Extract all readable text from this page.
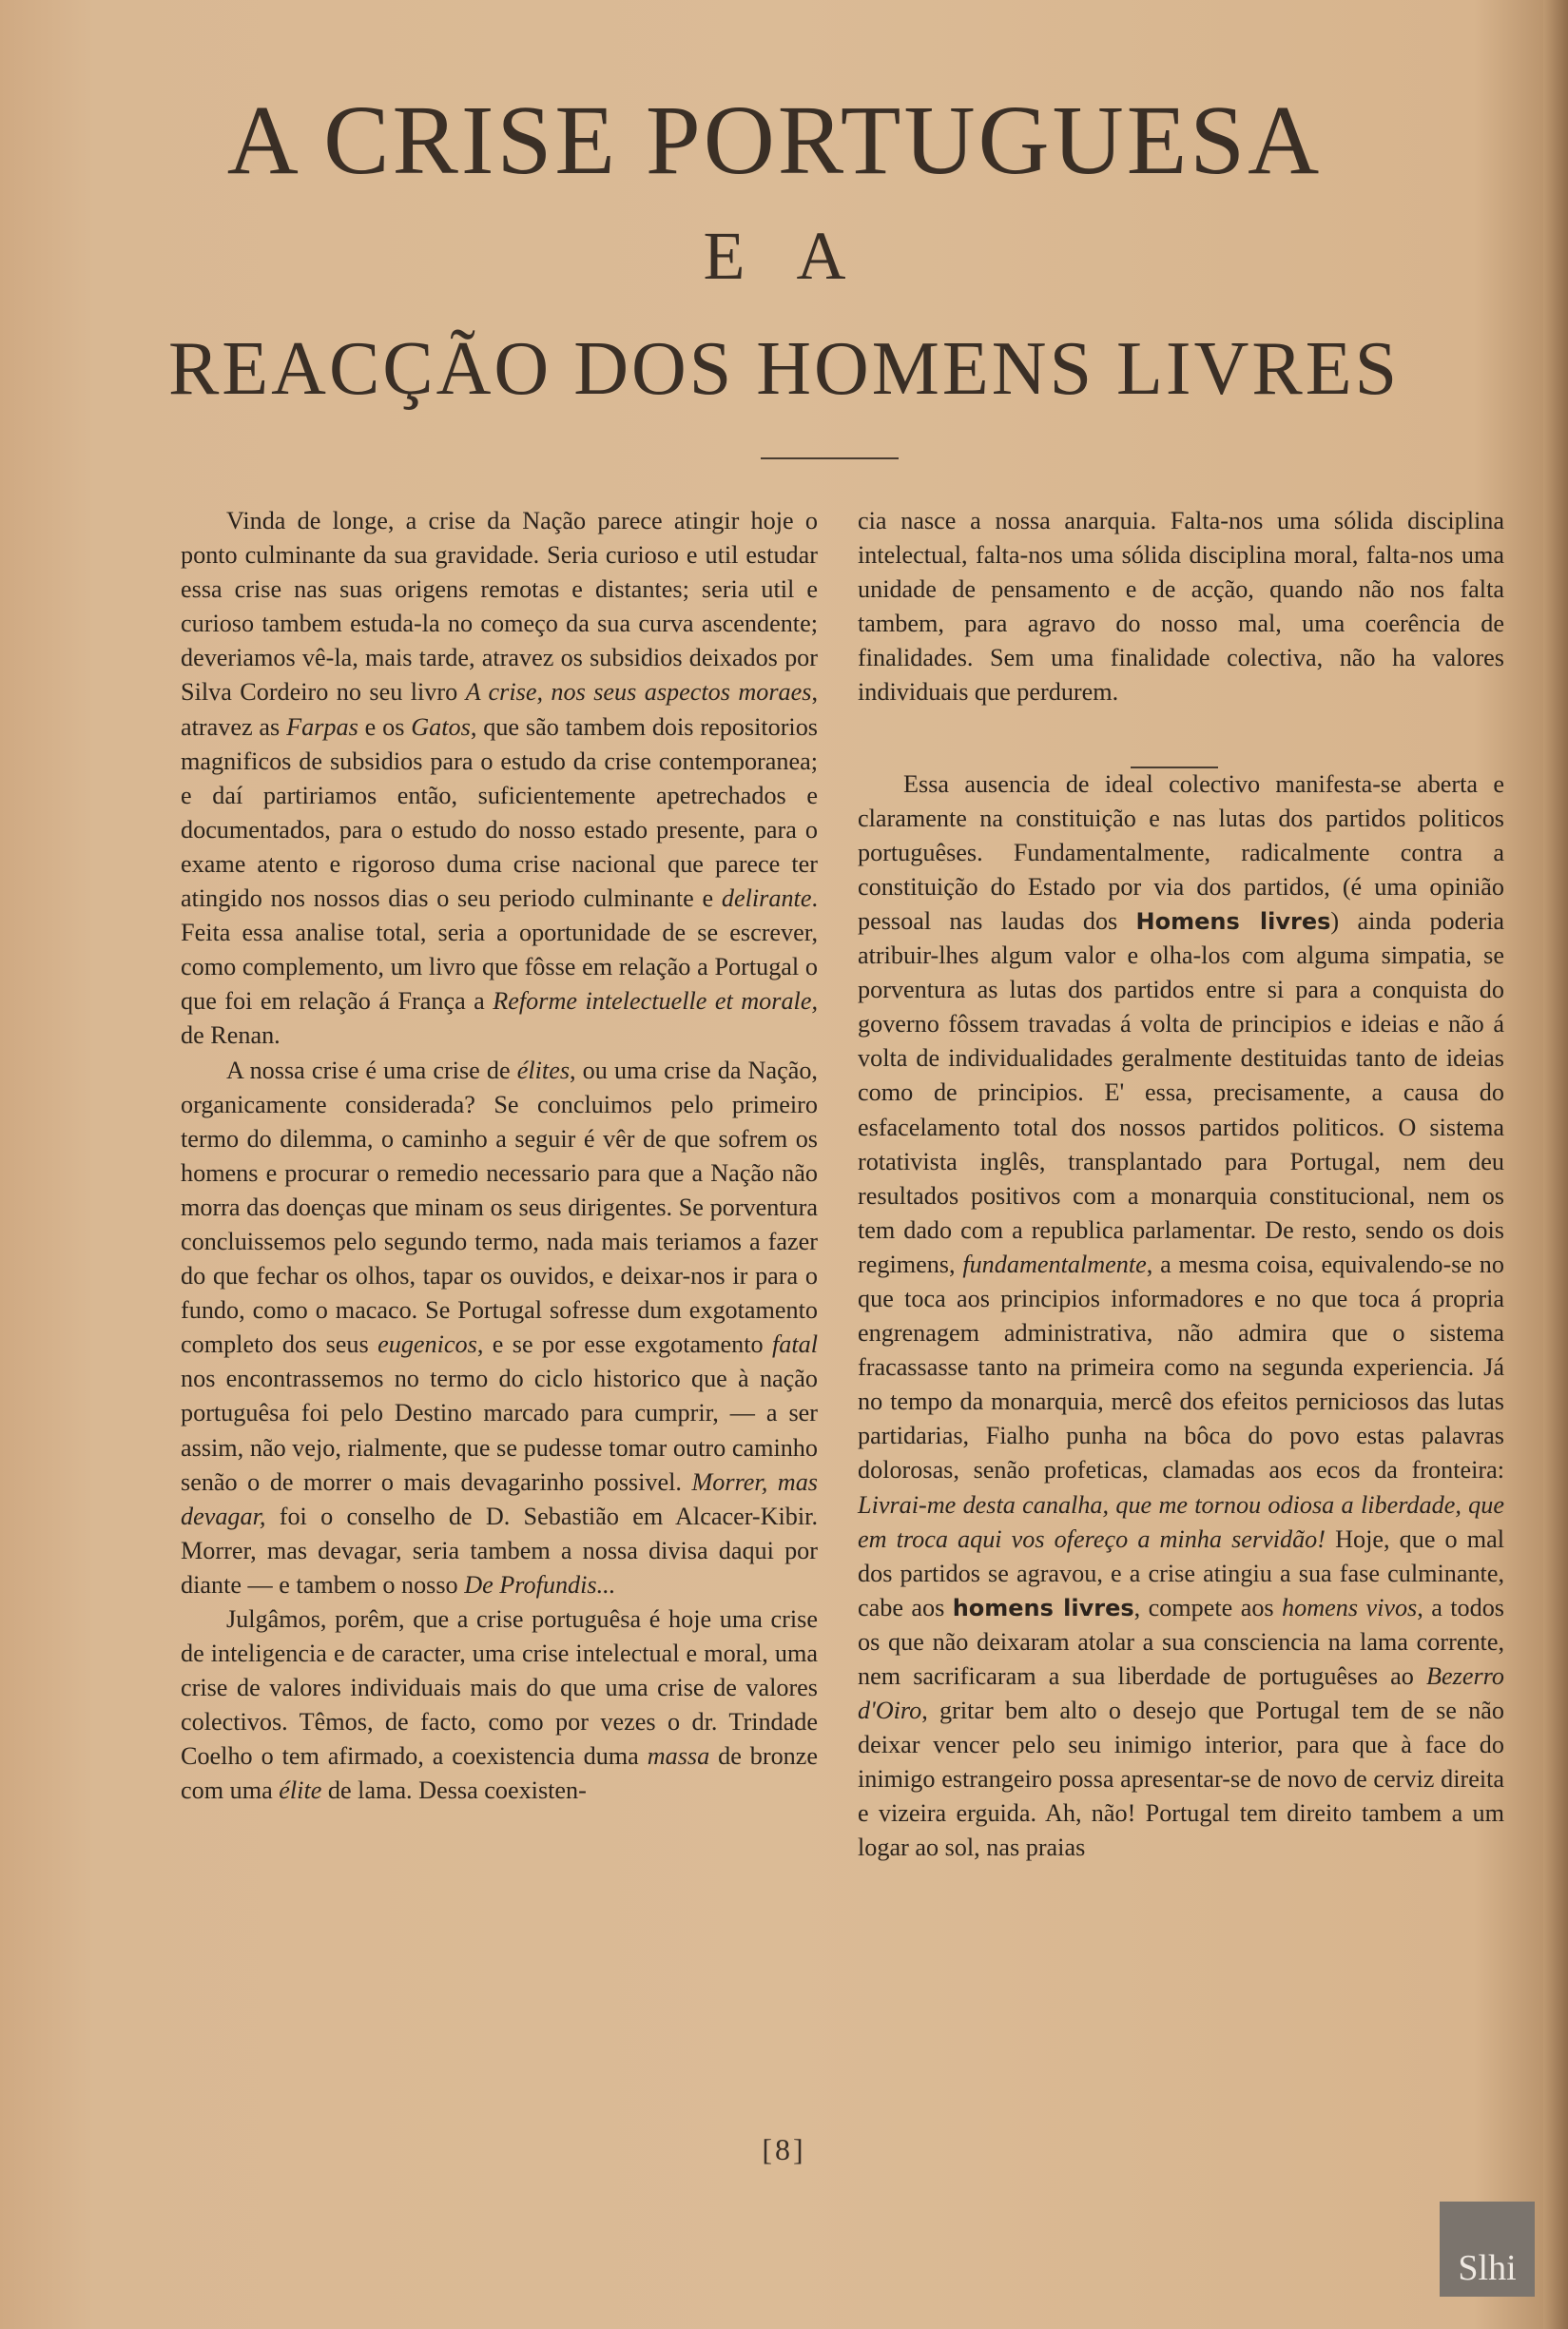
A CRISE PORTUGUESA
E A
REACÇÃO DOS HOMENS LIVRES

Vinda de longe, a crise da Nação parece atingir hoje o ponto culminante da sua gravidade. Seria curioso e util estudar essa crise nas suas origens remotas e distantes; seria util e curioso tambem estuda-la no começo da sua curva ascendente; deveriamos vê-la, mais tarde, atravez os subsidios deixados por Silva Cordeiro no seu livro A crise, nos seus aspectos moraes, atravez as Farpas e os Gatos, que são tambem dois repositorios magnificos de subsidios para o estudo da crise contemporanea; e daí partiriamos então, suficientemente apetrechados e documentados, para o estudo do nosso estado presente, para o exame atento e rigoroso duma crise nacional que parece ter atingido nos nossos dias o seu periodo culminante e delirante. Feita essa analise total, seria a oportunidade de se escrever, como complemento, um livro que fôsse em relação a Portugal o que foi em relação á França a Reforme intelectuelle et morale, de Renan.

A nossa crise é uma crise de élites, ou uma crise da Nação, organicamente considerada? Se concluimos pelo primeiro termo do dilemma, o caminho a seguir é vêr de que sofrem os homens e procurar o remedio necessario para que a Nação não morra das doenças que minam os seus dirigentes. Se porventura concluissemos pelo segundo termo, nada mais teriamos a fazer do que fechar os olhos, tapar os ouvidos, e deixar-nos ir para o fundo, como o macaco. Se Portugal sofresse dum exgotamento completo dos seus eugenicos, e se por esse exgotamento fatal nos encontrassemos no termo do ciclo historico que à nação portuguêsa foi pelo Destino marcado para cumprir, — a ser assim, não vejo, rialmente, que se pudesse tomar outro caminho senão o de morrer o mais devagarinho possivel. Morrer, mas devagar, foi o conselho de D. Sebastião em Alcacer-Kibir. Morrer, mas devagar, seria tambem a nossa divisa daqui por diante — e tambem o nosso De Profundis...

Julgâmos, porêm, que a crise portuguêsa é hoje uma crise de inteligencia e de caracter, uma crise intelectual e moral, uma crise de valores individuais mais do que uma crise de valores colectivos. Têmos, de facto, como por vezes o dr. Trindade Coelho o tem afirmado, a coexistencia duma massa de bronze com uma élite de lama. Dessa coexisten-

cia nasce a nossa anarquia. Falta-nos uma sólida disciplina intelectual, falta-nos uma sólida disciplina moral, falta-nos uma unidade de pensamento e de acção, quando não nos falta tambem, para agravo do nosso mal, uma coerência de finalidades. Sem uma finalidade colectiva, não ha valores individuais que perdurem.

Essa ausencia de ideal colectivo manifesta-se aberta e claramente na constituição e nas lutas dos partidos politicos portuguêses. Fundamentalmente, radicalmente contra a constituição do Estado por via dos partidos, (é uma opinião pessoal nas laudas dos Homens livres) ainda poderia atribuir-lhes algum valor e olha-los com alguma simpatia, se porventura as lutas dos partidos entre si para a conquista do governo fôssem travadas á volta de principios e ideias e não á volta de individualidades geralmente destituidas tanto de ideias como de principios. E' essa, precisamente, a causa do esfacelamento total dos nossos partidos politicos. O sistema rotativista inglês, transplantado para Portugal, nem deu resultados positivos com a monarquia constitucional, nem os tem dado com a republica parlamentar. De resto, sendo os dois regimens, fundamentalmente, a mesma coisa, equivalendo-se no que toca aos principios informadores e no que toca á propria engrenagem administrativa, não admira que o sistema fracassasse tanto na primeira como na segunda experiencia. Já no tempo da monarquia, mercê dos efeitos perniciosos das lutas partidarias, Fialho punha na bôca do povo estas palavras dolorosas, senão profeticas, clamadas aos ecos da fronteira: Livrai-me desta canalha, que me tornou odiosa a liberdade, que em troca aqui vos ofereço a minha servidão! Hoje, que o mal dos partidos se agravou, e a crise atingiu a sua fase culminante, cabe aos homens livres, compete aos homens vivos, a todos os que não deixaram atolar a sua consciencia na lama corrente, nem sacrificaram a sua liberdade de portuguêses ao Bezerro d'Oiro, gritar bem alto o desejo que Portugal tem de se não deixar vencer pelo seu inimigo interior, para que à face do inimigo estrangeiro possa apresentar-se de novo de cerviz direita e vizeira erguida. Ah, não! Portugal tem direito tambem a um logar ao sol, nas praias

[8]
Slhi
